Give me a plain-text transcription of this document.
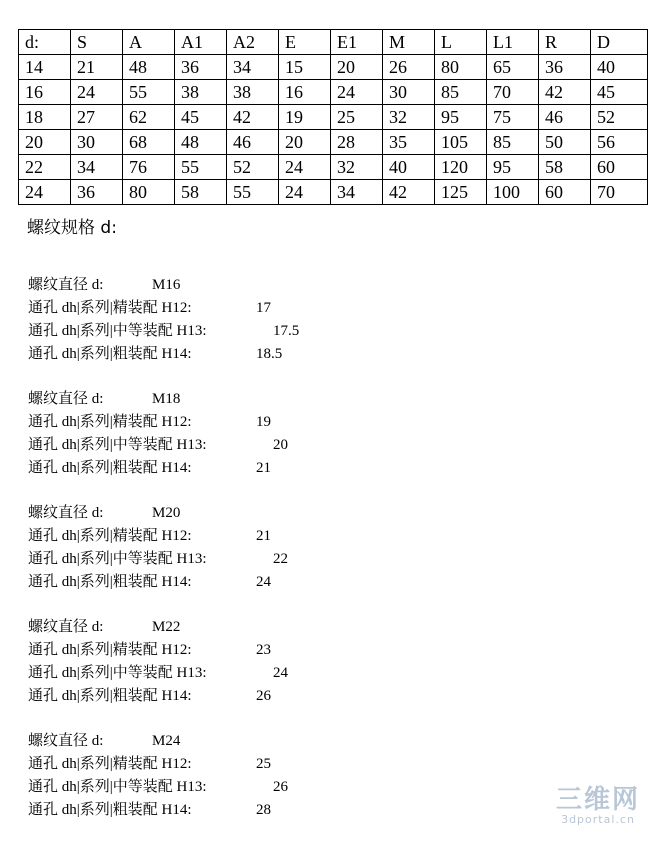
d:	S	A	A1	A2	E	E1	M	L	L1	R	D
14	21	48	36	34	15	20	26	80	65	36	40
16	24	55	38	38	16	24	30	85	70	42	45
18	27	62	45	42	19	25	32	95	75	46	52
20	30	68	48	46	20	28	35	105	85	50	56
22	34	76	55	52	24	32	40	120	95	58	60
24	36	80	58	55	24	34	42	125	100	60	70
螺纹规格 d:
螺纹直径 d:	M16
通孔 dh|系列|精装配 H12:	17
通孔 dh|系列|中等装配 H13:	17.5
通孔 dh|系列|粗装配 H14:	18.5
螺纹直径 d:	M18
通孔 dh|系列|精装配 H12:	19
通孔 dh|系列|中等装配 H13:	20
通孔 dh|系列|粗装配 H14:	21
螺纹直径 d:	M20
通孔 dh|系列|精装配 H12:	21
通孔 dh|系列|中等装配 H13:	22
通孔 dh|系列|粗装配 H14:	24
螺纹直径 d:	M22
通孔 dh|系列|精装配 H12:	23
通孔 dh|系列|中等装配 H13:	24
通孔 dh|系列|粗装配 H14:	26
螺纹直径 d:	M24
通孔 dh|系列|精装配 H12:	25
通孔 dh|系列|中等装配 H13:	26
通孔 dh|系列|粗装配 H14:	28	三维网
3dportal.cn
